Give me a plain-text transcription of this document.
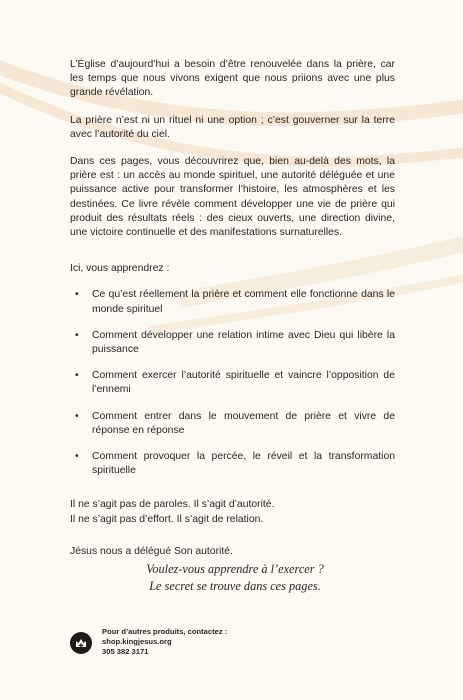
L’Église d’aujourd’hui a besoin d’être renouvelée dans la prière, car les temps que nous vivons exigent que nous priions avec une plus grande révélation.

La prière n’est ni un rituel ni une option ; c’est gouverner sur la terre avec l’autorité du ciel.

Dans ces pages, vous découvrirez que, bien au-delà des mots, la prière est : un accès au monde spirituel, une autorité déléguée et une puissance active pour transformer l’histoire, les atmosphères et les destinées. Ce livre révèle comment développer une vie de prière qui produit des résultats réels : des cieux ouverts, une direction divine, une victoire continuelle et des manifestations surnaturelles.

Ici, vous apprendrez :

• Ce qu’est réellement la prière et comment elle fonctionne dans le monde spirituel
• Comment développer une relation intime avec Dieu qui libère la puissance
• Comment exercer l’autorité spirituelle et vaincre l’opposition de l’ennemi
• Comment entrer dans le mouvement de prière et vivre de réponse en réponse
• Comment provoquer la percée, le réveil et la transformation spirituelle

Il ne s’agit pas de paroles. Il s’agit d’autorité.

Il ne s’agit pas d’effort. Il s’agit de relation.

Jésus nous a délégué Son autorité.

Voulez-vous apprendre à l’exercer ?

Le secret se trouve dans ces pages.

Pour d’autres produits, contactez :
shop.kingjesus.org
305 382 3171
